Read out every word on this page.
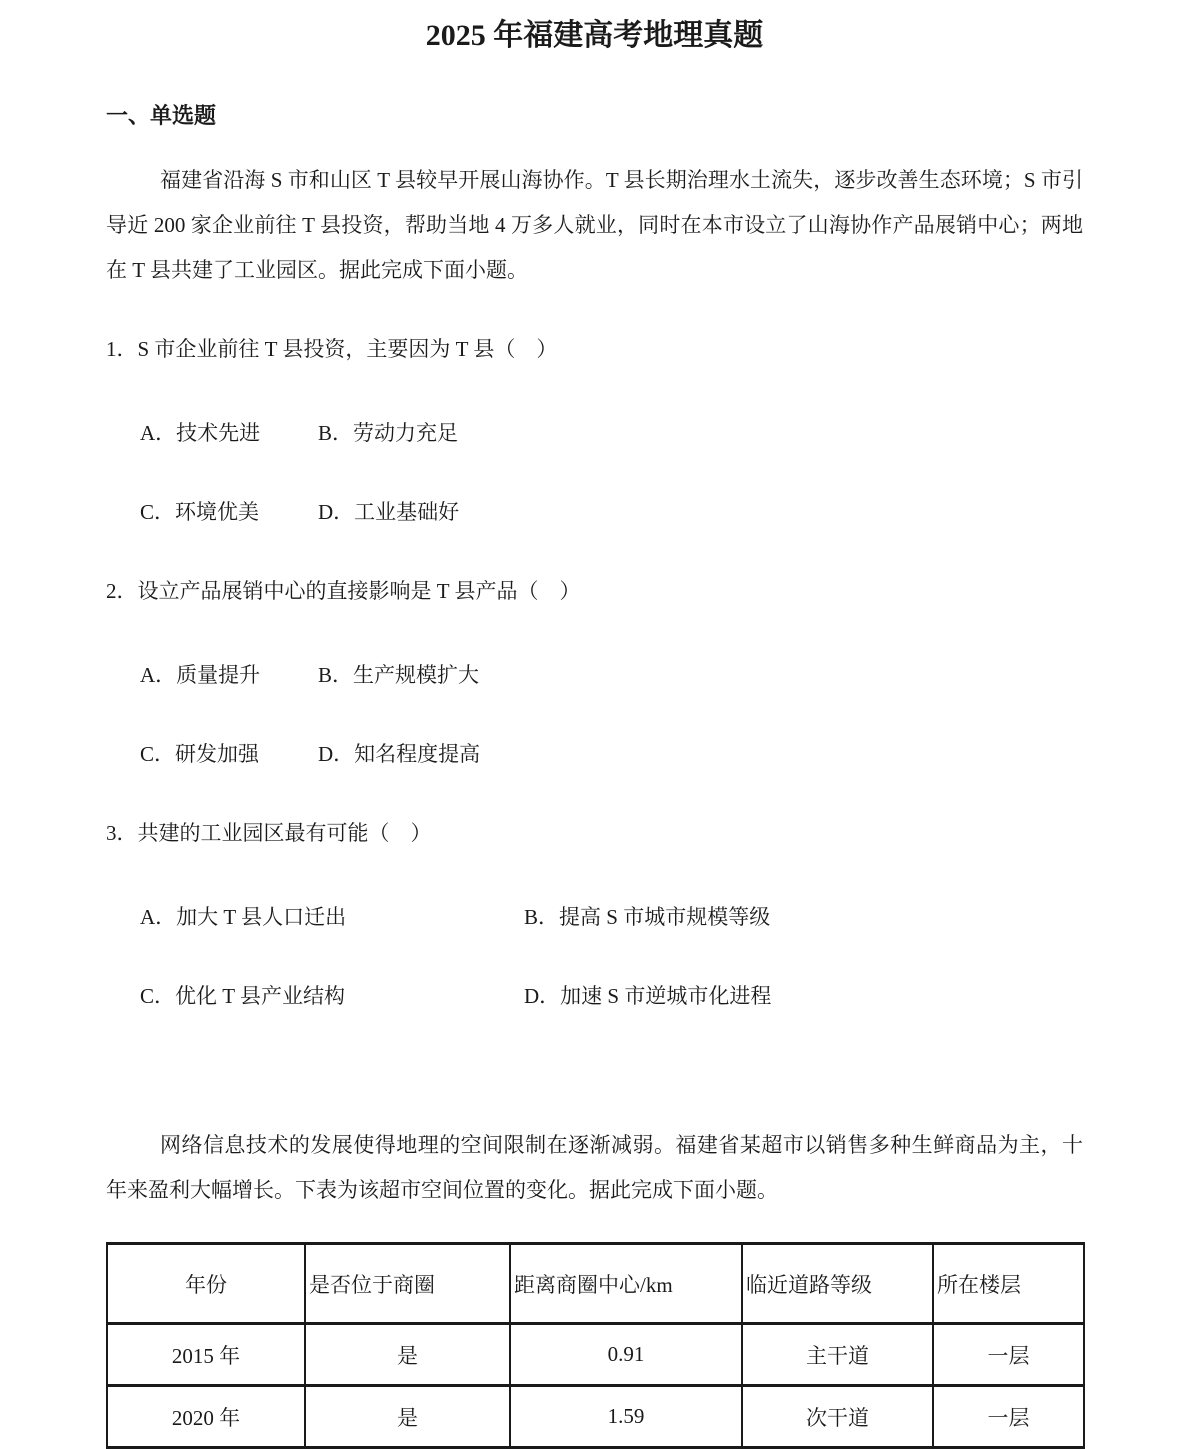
2025 年福建高考地理真题
一、单选题

福建省沿海 S 市和山区 T 县较早开展山海协作。T 县长期治理水土流失，逐步改善生态环境；S 市引导近 200 家企业前往 T 县投资，帮助当地 4 万多人就业，同时在本市设立了山海协作产品展销中心；两地在 T 县共建了工业园区。据此完成下面小题。

1．S 市企业前往 T 县投资，主要因为 T 县（　）
A．技术先进	B．劳动力充足
C．环境优美	D．工业基础好
2．设立产品展销中心的直接影响是 T 县产品（　）
A．质量提升	B．生产规模扩大
C．研发加强	D．知名程度提高
3．共建的工业园区最有可能（　）
A．加大 T 县人口迁出	B．提高 S 市城市规模等级
C．优化 T 县产业结构	D．加速 S 市逆城市化进程

网络信息技术的发展使得地理的空间限制在逐渐减弱。福建省某超市以销售多种生鲜商品为主，十年来盈利大幅增长。下表为该超市空间位置的变化。据此完成下面小题。

年份	是否位于商圈	距离商圈中心/km	临近道路等级	所在楼层
2015 年	是	0.91	主干道	一层
2020 年	是	1.59	次干道	一层
